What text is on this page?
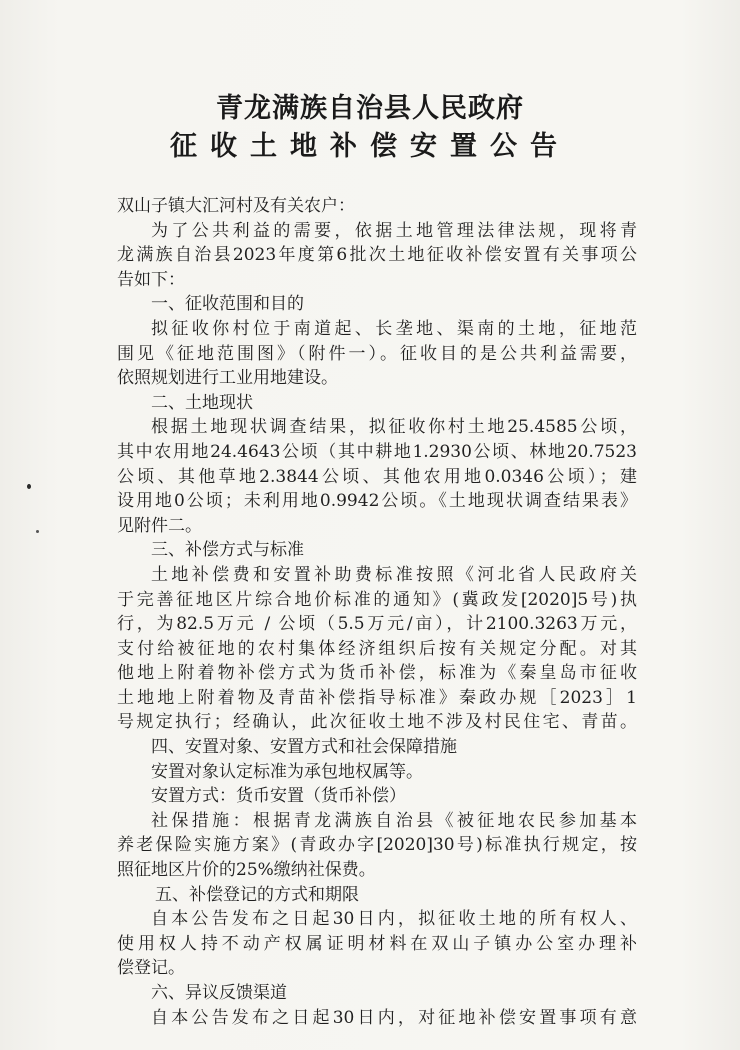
青龙满族自治县人民政府
征收土地补偿安置公告
双山子镇大汇河村及有关农户：
为了公共利益的需要，依据土地管理法律法规，现将青
龙满族自治县2023年度第6批次土地征收补偿安置有关事项公
告如下：
一、征收范围和目的
拟征收你村位于南道起、长垄地、渠南的土地，征地范
围见《征地范围图》（附件一）。征收目的是公共利益需要，
依照规划进行工业用地建设。
二、土地现状
根据土地现状调查结果，拟征收你村土地25.4585公顷，
其中农用地24.4643公顷（其中耕地1.2930公顷、林地20.7523
公顷、其他草地2.3844公顷、其他农用地0.0346公顷）；建
设用地0公顷；未利用地0.9942公顷。《土地现状调查结果表》
见附件二。
三、补偿方式与标准
土地补偿费和安置补助费标准按照《河北省人民政府关
于完善征地区片综合地价标准的通知》(冀政发[2020]5号)执
行，为82.5万元 / 公顷（5.5万元/亩），计2100.3263万元，
支付给被征地的农村集体经济组织后按有关规定分配。对其
他地上附着物补偿方式为货币补偿，标准为《秦皇岛市征收
土地地上附着物及青苗补偿指导标准》秦政办规［2023］1
号规定执行；经确认，此次征收土地不涉及村民住宅、青苗。
四、安置对象、安置方式和社会保障措施
安置对象认定标准为承包地权属等。
安置方式：货币安置（货币补偿）
社保措施：根据青龙满族自治县《被征地农民参加基本
养老保险实施方案》(青政办字[2020]30号)标准执行规定，按
照征地区片价的25%缴纳社保费。
五、补偿登记的方式和期限
自本公告发布之日起30日内，拟征收土地的所有权人、
使用权人持不动产权属证明材料在双山子镇办公室办理补
偿登记。
六、异议反馈渠道
自本公告发布之日起30日内，对征地补偿安置事项有意
